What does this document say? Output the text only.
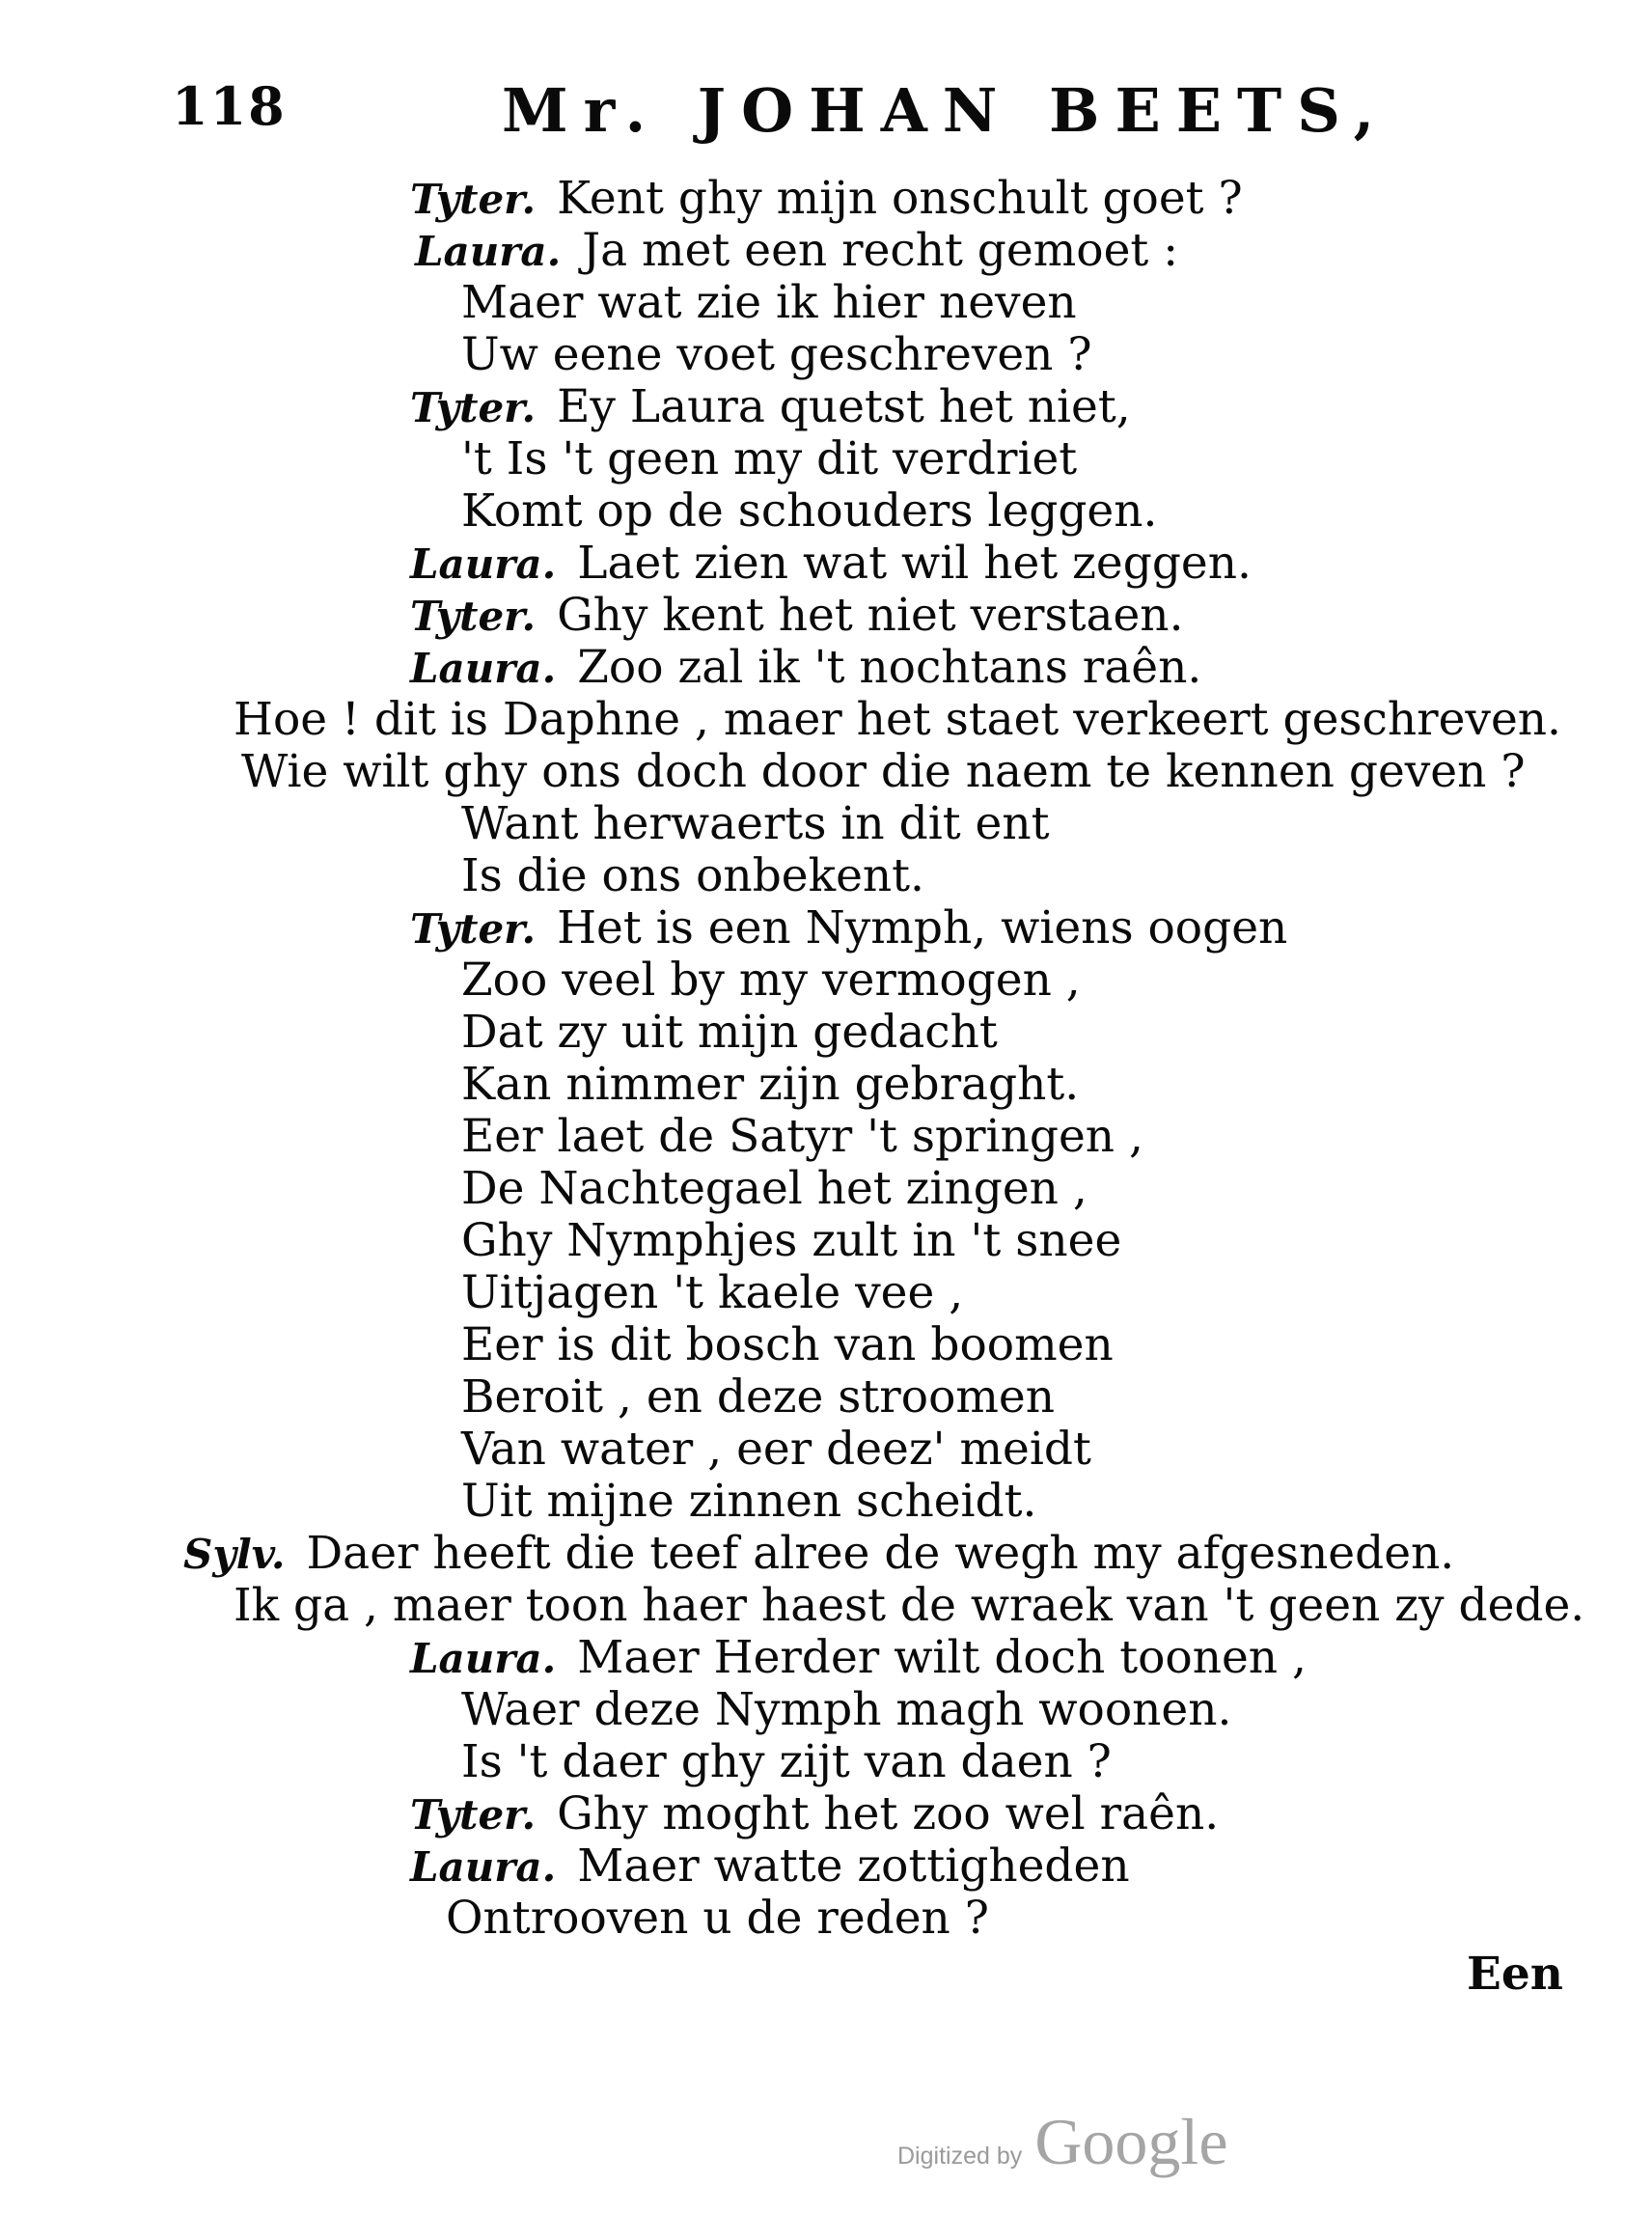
118	Mr. JOHAN BEETS,
Tyter. Kent ghy mijn onschult goet ?
Laura. Ja met een recht gemoet :
Maer wat zie ik hier neven
Uw eene voet geschreven ?
Tyter. Ey Laura quetst het niet,
't Is 't geen my dit verdriet
Komt op de schouders leggen.
Laura. Laet zien wat wil het zeggen.
Tyter. Ghy kent het niet verstaen.
Laura. Zoo zal ik 't nochtans raên.
Hoe ! dit is Daphne , maer het staet verkeert geschreven.
Wie wilt ghy ons doch door die naem te kennen geven ?
Want herwaerts in dit ent
Is die ons onbekent.
Tyter. Het is een Nymph, wiens oogen
Zoo veel by my vermogen ,
Dat zy uit mijn gedacht
Kan nimmer zijn gebraght.
Eer laet de Satyr 't springen ,
De Nachtegael het zingen ,
Ghy Nymphjes zult in 't snee
Uitjagen 't kaele vee ,
Eer is dit bosch van boomen
Beroit , en deze stroomen
Van water , eer deez' meidt
Uit mijne zinnen scheidt.
Sylv. Daer heeft die teef alree de wegh my afgesneden.
Ik ga , maer toon haer haest de wraek van 't geen zy dede.
Laura. Maer Herder wilt doch toonen ,
Waer deze Nymph magh woonen.
Is 't daer ghy zijt van daen ?
Tyter. Ghy moght het zoo wel raên.
Laura. Maer watte zottigheden
Ontrooven u de reden ?
Een
Digitized by Google
